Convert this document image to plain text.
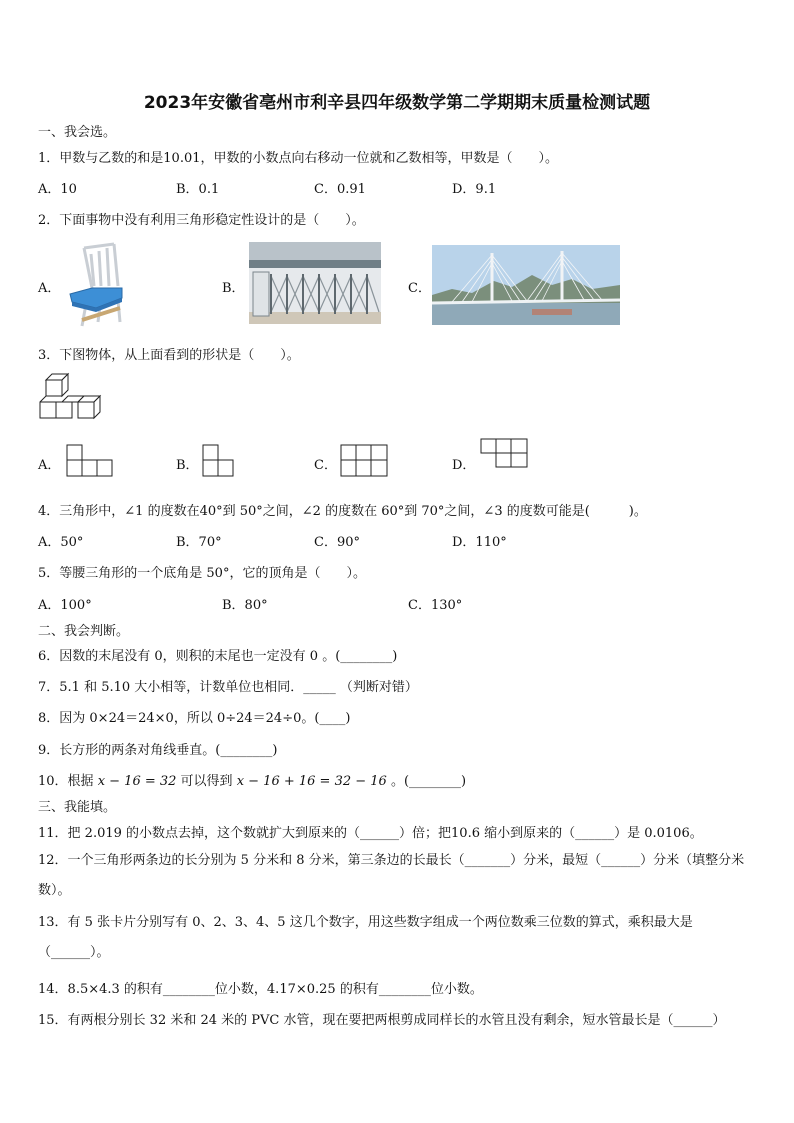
2023年安徽省亳州市利辛县四年级数学第二学期期末质量检测试题
一、我会选。
1．甲数与乙数的和是10.01，甲数的小数点向右移动一位就和乙数相等，甲数是（　　）。
A．10	B．0.1	C．0.91	D．9.1
2．下面事物中没有利用三角形稳定性设计的是（　　）。
A．	B．	C．
3．下图物体，从上面看到的形状是（　　）。
A．	B．	C．	D．
4．三角形中，∠1 的度数在40°到 50°之间，∠2 的度数在 60°到 70°之间，∠3 的度数可能是(　　　)。
A．50°	B．70°	C．90°	D．110°
5．等腰三角形的一个底角是 50°，它的顶角是（　　）。
A．100°	B．80°	C．130°
二、我会判断。
6．因数的末尾没有 0，则积的末尾也一定没有 0 。(________)
7．5.1 和 5.10 大小相等，计数单位也相同．_____ （判断对错）
8．因为 0×24＝24×0，所以 0÷24＝24÷0。(____)
9．长方形的两条对角线垂直。(________)
10．根据 x − 16 = 32 可以得到 x − 16 + 16 = 32 − 16 。(________)
三、我能填。
11．把 2.019 的小数点去掉，这个数就扩大到原来的（______）倍；把10.6 缩小到原来的（______）是 0.0106。
12．一个三角形两条边的长分别为 5 分米和 8 分米，第三条边的长最长（_______）分米，最短（______）分米（填整分米数）。
13．有 5 张卡片分别写有 0、2、3、4、5 这几个数字，用这些数字组成一个两位数乘三位数的算式，乘积最大是（______）。
14．8.5×4.3 的积有________位小数，4.17×0.25 的积有________位小数。
15．有两根分别长 32 米和 24 米的 PVC 水管，现在要把两根剪成同样长的水管且没有剩余，短水管最长是（______）
